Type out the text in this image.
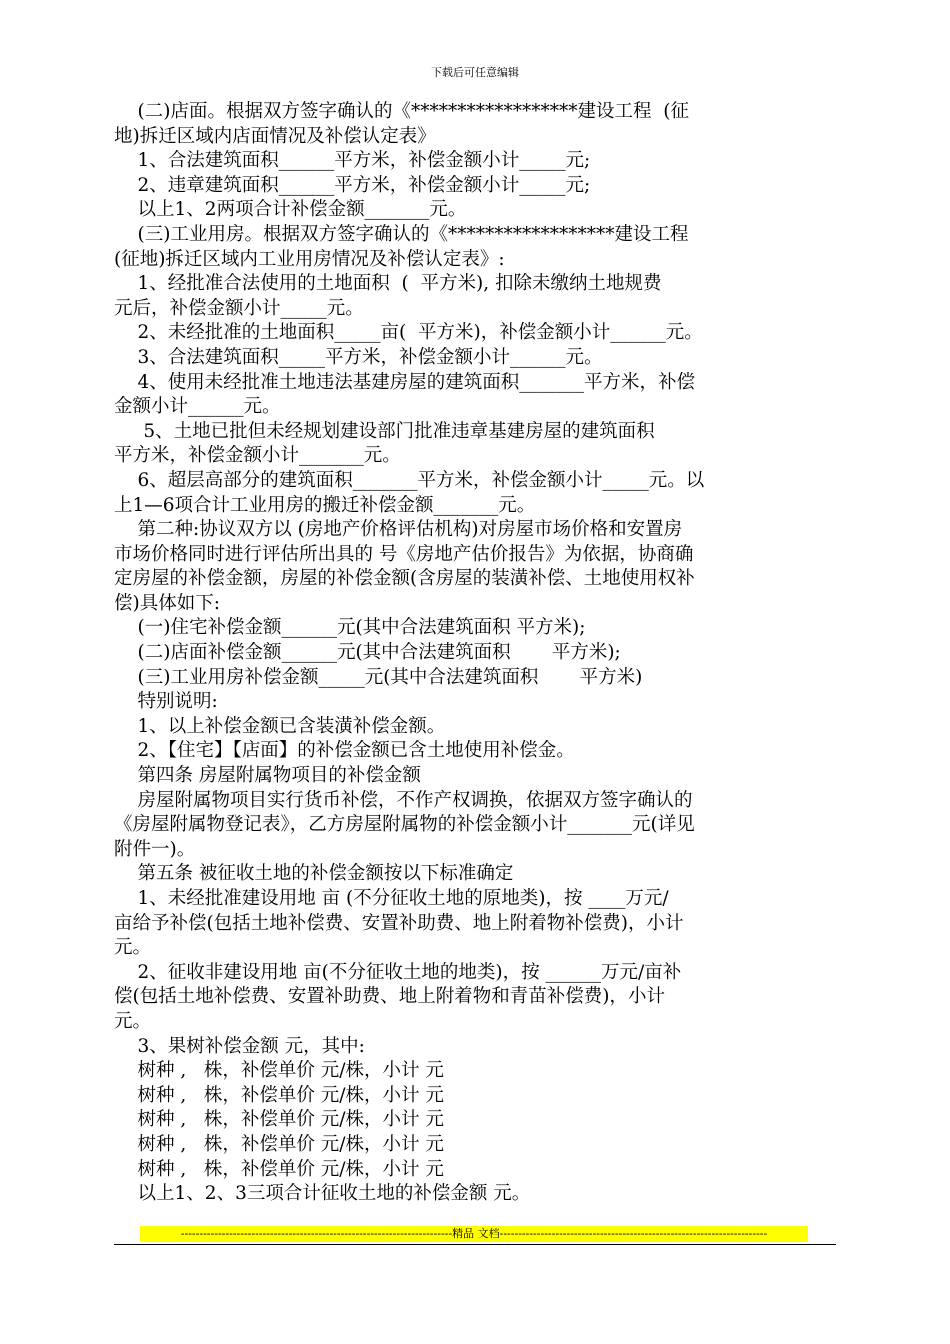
下载后可任意编辑
(二)店面。根据双方签字确认的《******************建设工程  (征
地)拆迁区域内店面情况及补偿认定表》
1、合法建筑面积______平方米，补偿金额小计_____元;
2、违章建筑面积______平方米，补偿金额小计_____元;
以上1、2两项合计补偿金额_______元。
(三)工业用房。根据双方签字确认的《******************建设工程
(征地)拆迁区域内工业用房情况及补偿认定表》:
1、经批准合法使用的土地面积  (  平方米), 扣除未缴纳土地规费
元后，补偿金额小计_____元。
2、未经批准的土地面积_____亩(  平方米)，补偿金额小计______元。
3、合法建筑面积_____平方米，补偿金额小计______元。
4、使用未经批准土地违法基建房屋的建筑面积_______平方米，补偿
金额小计______元。
5、土地已批但未经规划建设部门批准违章基建房屋的建筑面积
平方米，补偿金额小计_______元。
6、超层高部分的建筑面积_______平方米，补偿金额小计_____元。以
上1—6项合计工业用房的搬迁补偿金额_______元。
第二种:协议双方以 (房地产价格评估机构)对房屋市场价格和安置房
市场价格同时进行评估所出具的 号《房地产估价报告》为依据，协商确
定房屋的补偿金额，房屋的补偿金额(含房屋的装潢补偿、土地使用权补
偿)具体如下:
(一)住宅补偿金额______元(其中合法建筑面积 平方米);
(二)店面补偿金额______元(其中合法建筑面积       平方米);
(三)工业用房补偿金额_____元(其中合法建筑面积       平方米)
特别说明:
1、以上补偿金额已含装潢补偿金额。
2、【住宅】【店面】的补偿金额已含土地使用补偿金。
第四条 房屋附属物项目的补偿金额
房屋附属物项目实行货币补偿，不作产权调换，依据双方签字确认的
《房屋附属物登记表》，乙方房屋附属物的补偿金额小计_______元(详见
附件一)。
第五条 被征收土地的补偿金额按以下标准确定
1、未经批准建设用地 亩 (不分征收土地的原地类)，按 ____万元/
亩给予补偿(包括土地补偿费、安置补助费、地上附着物补偿费)，小计
元。
2、征收非建设用地 亩(不分征收土地的地类)，按 ______万元/亩补
偿(包括土地补偿费、安置补助费、地上附着物和青苗补偿费)，小计
元。
3、果树补偿金额 元，其中:
树种 ,   株，补偿单价 元/株，小计 元
树种 ,   株，补偿单价 元/株，小计 元
树种 ,   株，补偿单价 元/株，小计 元
树种 ,   株，补偿单价 元/株，小计 元
树种 ,   株，补偿单价 元/株，小计 元
以上1、2、3三项合计征收土地的补偿金额 元。
-------------------------------------------------------------------------精品 文档------------------------------------------------------------------------
